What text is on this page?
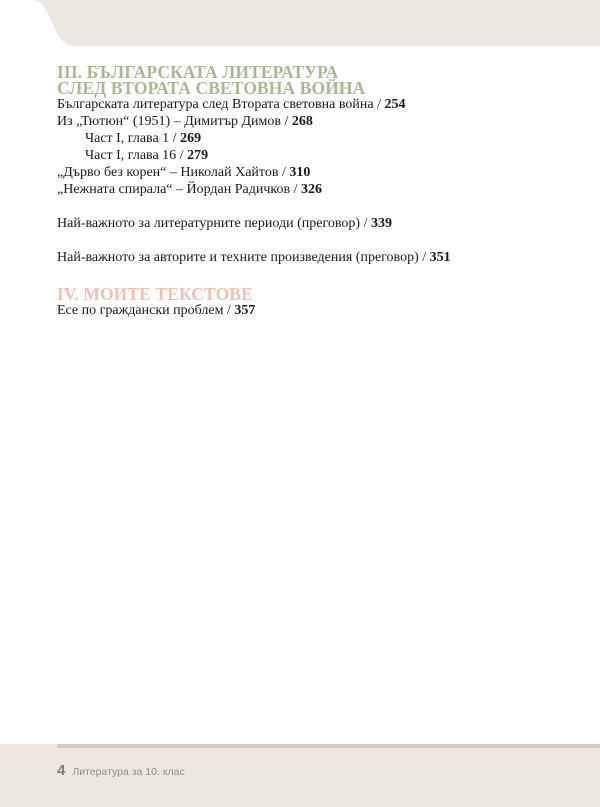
III. БЪЛГАРСКАТА ЛИТЕРАТУРА
СЛЕД ВТОРАТА СВЕТОВНА ВОЙНА
Българската литература след Втората световна война / 254
Из „Тютюн“ (1951) – Димитър Димов / 268
Част I, глава 1 / 269
Част I, глава 16 / 279
„Дърво без корен“ – Николай Хайтов / 310
„Нежната спирала“ – Йордан Радичков / 326
Най-важното за литературните периоди (преговор) / 339
Най-важното за авторите и техните произведения (преговор) / 351
IV. МОИТЕ ТЕКСТОВЕ
Есе по граждански проблем / 357
4 Литература за 10. клас
